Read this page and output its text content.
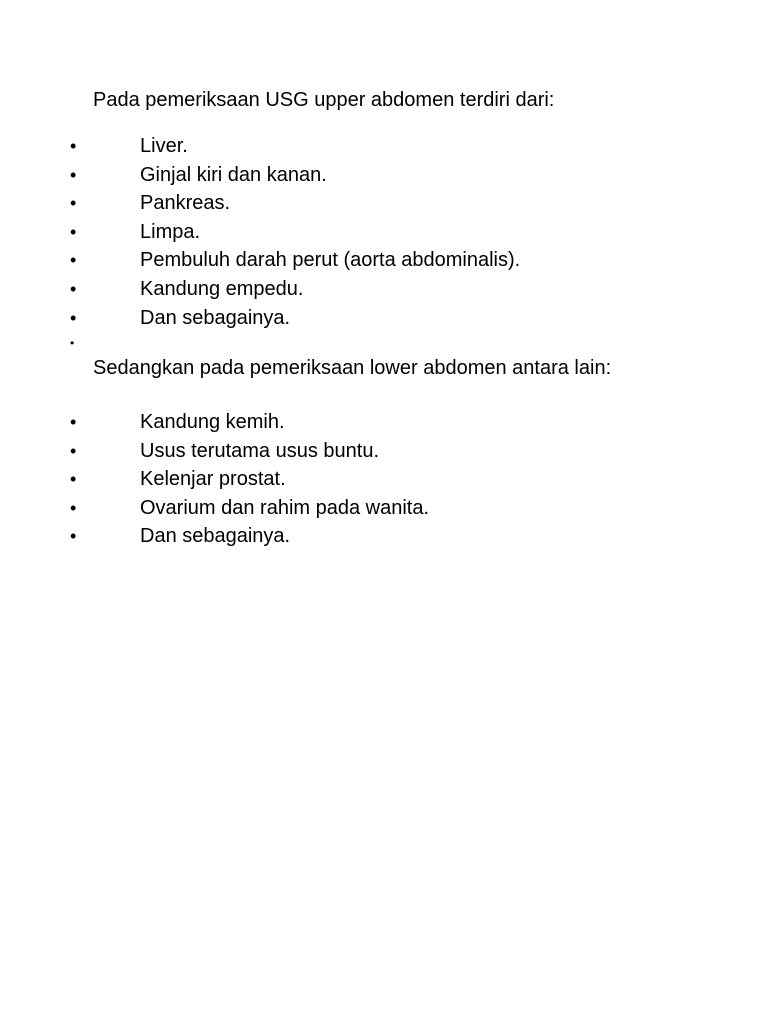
Pada pemeriksaan USG upper abdomen terdiri dari:
•	Liver.
•	Ginjal kiri dan kanan.
•	Pankreas.
•	Limpa.
•	Pembuluh darah perut (aorta abdominalis).
•	Kandung empedu.
•	Dan sebagainya.
•
Sedangkan pada pemeriksaan lower abdomen antara lain:
•	Kandung kemih.
•	Usus terutama usus buntu.
•	Kelenjar prostat.
•	Ovarium dan rahim pada wanita.
•	Dan sebagainya.
